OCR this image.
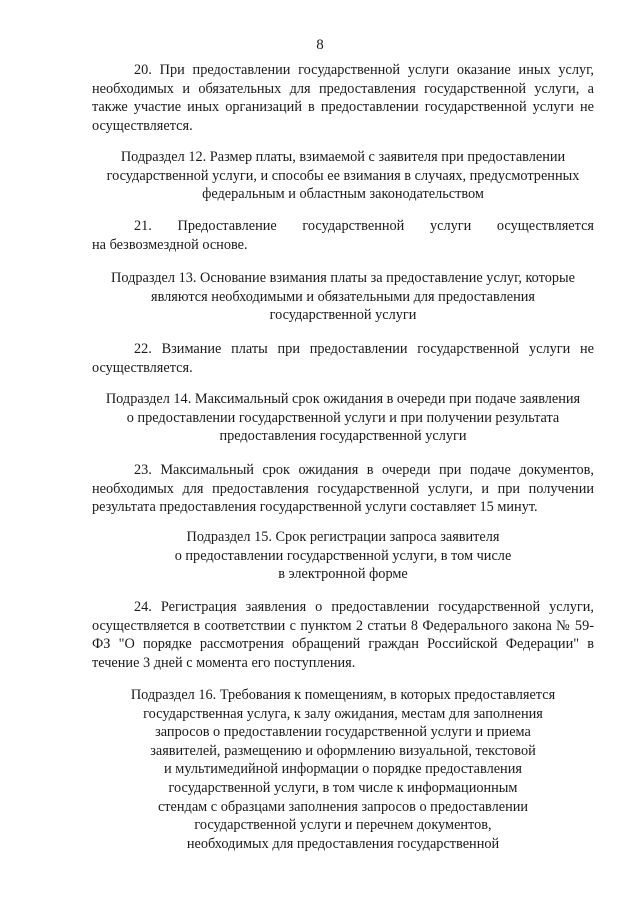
8

20. При предоставлении государственной услуги оказание иных услуг, необходимых и обязательных для предоставления государственной услуги, а также участие иных организаций в предоставлении государственной услуги не осуществляется.

Подраздел 12. Размер платы, взимаемой с заявителя при предоставлении
государственной услуги, и способы ее взимания в случаях, предусмотренных
федеральным и областным законодательством
21. Предоставление государственной услуги осуществляется
на безвозмездной основе.
Подраздел 13. Основание взимания платы за предоставление услуг, которые
являются необходимыми и обязательными для предоставления
государственной услуги

22. Взимание платы при предоставлении государственной услуги не осуществляется.

Подраздел 14. Максимальный срок ожидания в очереди при подаче заявления
о предоставлении государственной услуги и при получении результата
предоставления государственной услуги

23. Максимальный срок ожидания в очереди при подаче документов, необходимых для предоставления государственной услуги, и при получении результата предоставления государственной услуги составляет 15 минут.

Подраздел 15. Срок регистрации запроса заявителя
о предоставлении государственной услуги, в том числе
в электронной форме

24. Регистрация заявления о предоставлении государственной услуги, осуществляется в соответствии с пунктом 2 статьи 8 Федерального закона № 59-ФЗ "О порядке рассмотрения обращений граждан Российской Федерации" в течение 3 дней с момента его поступления.

Подраздел 16. Требования к помещениям, в которых предоставляется
государственная услуга, к залу ожидания, местам для заполнения
запросов о предоставлении государственной услуги и приема
заявителей, размещению и оформлению визуальной, текстовой
и мультимедийной информации о порядке предоставления
государственной услуги, в том числе к информационным
стендам с образцами заполнения запросов о предоставлении
государственной услуги и перечнем документов,
необходимых для предоставления государственной
